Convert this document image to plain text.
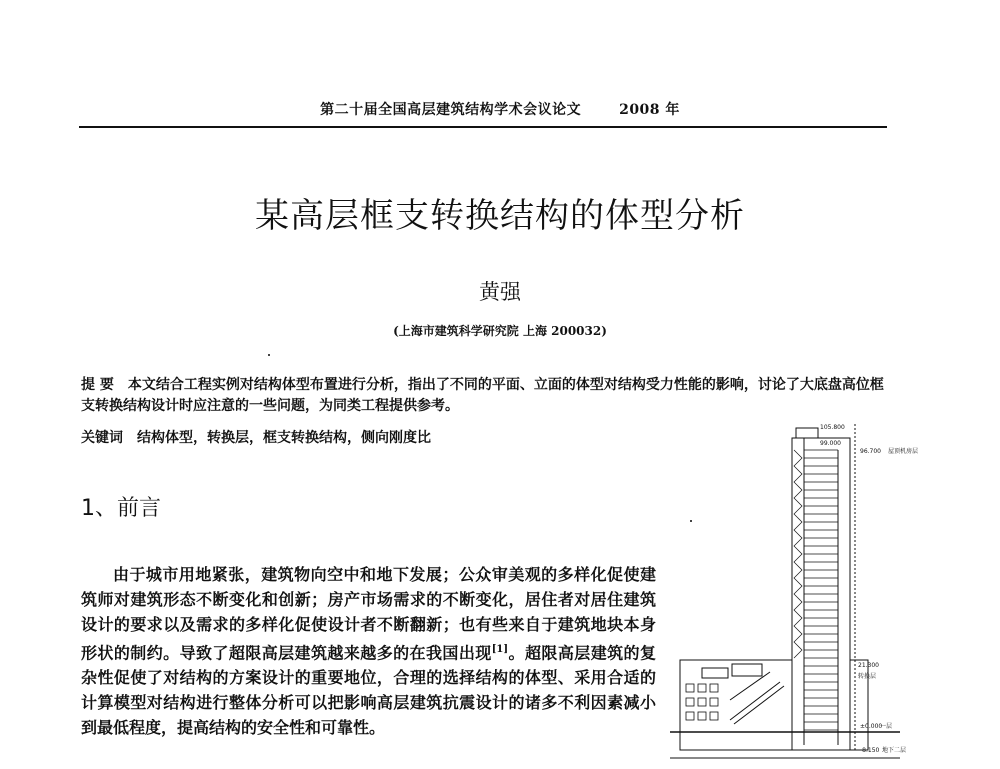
第二十届全国高层建筑结构学术会议论文	2008 年
某高层框支转换结构的体型分析
黄强
(上海市建筑科学研究院 上海 200032)
提 要 本文结合工程实例对结构体型布置进行分析，指出了不同的平面、立面的体型对结构受力性能的影响，讨论了大底盘高位框支转换结构设计时应注意的一些问题，为同类工程提供参考。
关键词 结构体型，转换层，框支转换结构，侧向刚度比
1、前言
由于城市用地紧张，建筑物向空中和地下发展；公众审美观的多样化促使建筑师对建筑形态不断变化和创新；房产市场需求的不断变化，居住者对居住建筑设计的要求以及需求的多样化促使设计者不断翻新；也有些来自于建筑地块本身形状的制约。导致了超限高层建筑越来越多的在我国出现[1]。超限高层建筑的复杂性促使了对结构的方案设计的重要地位，合理的选择结构的体型、采用合适的计算模型对结构进行整体分析可以把影响高层建筑抗震设计的诸多不利因素减小到最低程度，提高结构的安全性和可靠性。
105.800
99.000
96.700 屋顶机房层
21.300
转换层
±0.000
一层
-8.150 地下二层
